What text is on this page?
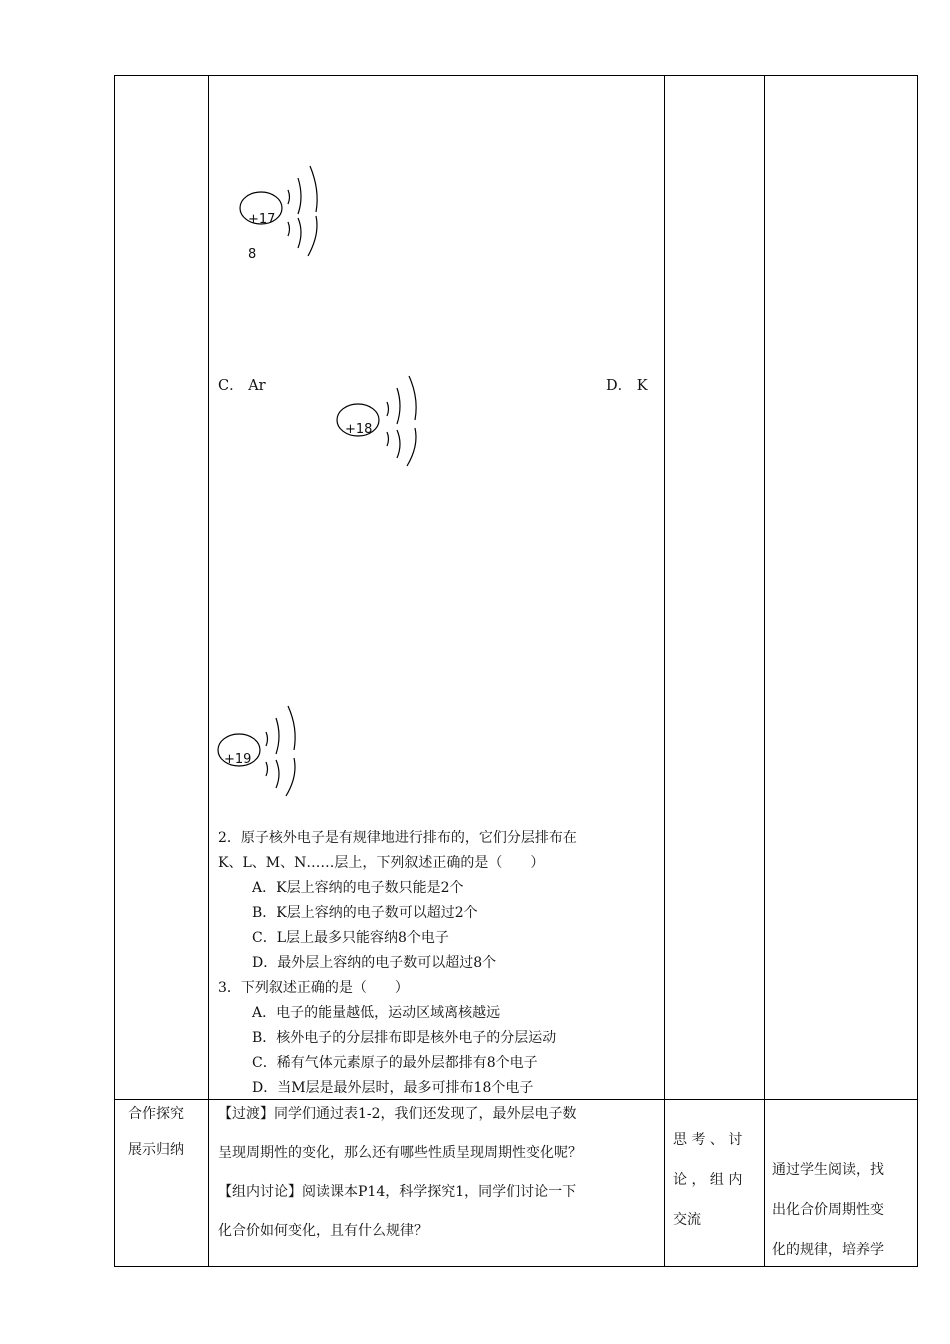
+17
8
C． Ar	D． K
+18
+19
2．原子核外电子是有规律地进行排布的，它们分层排布在
K、L、M、N……层上，下列叙述正确的是（　　）
A．K层上容纳的电子数只能是2个
B．K层上容纳的电子数可以超过2个
C．L层上最多只能容纳8个电子
D．最外层上容纳的电子数可以超过8个
3．下列叙述正确的是（　　）
A．电子的能量越低，运动区域离核越远
B．核外电子的分层排布即是核外电子的分层运动
C．稀有气体元素原子的最外层都排有8个电子
D．当M层是最外层时，最多可排布18个电子
合作探究
展示归纳
【过渡】同学们通过表1-2，我们还发现了，最外层电子数
呈现周期性的变化，那么还有哪些性质呈现周期性变化呢？
【组内讨论】阅读课本P14，科学探究1，同学们讨论一下
化合价如何变化，且有什么规律？
思 考 、 讨
论 ， 组 内
交流
通过学生阅读，找
出化合价周期性变
化的规律，培养学
